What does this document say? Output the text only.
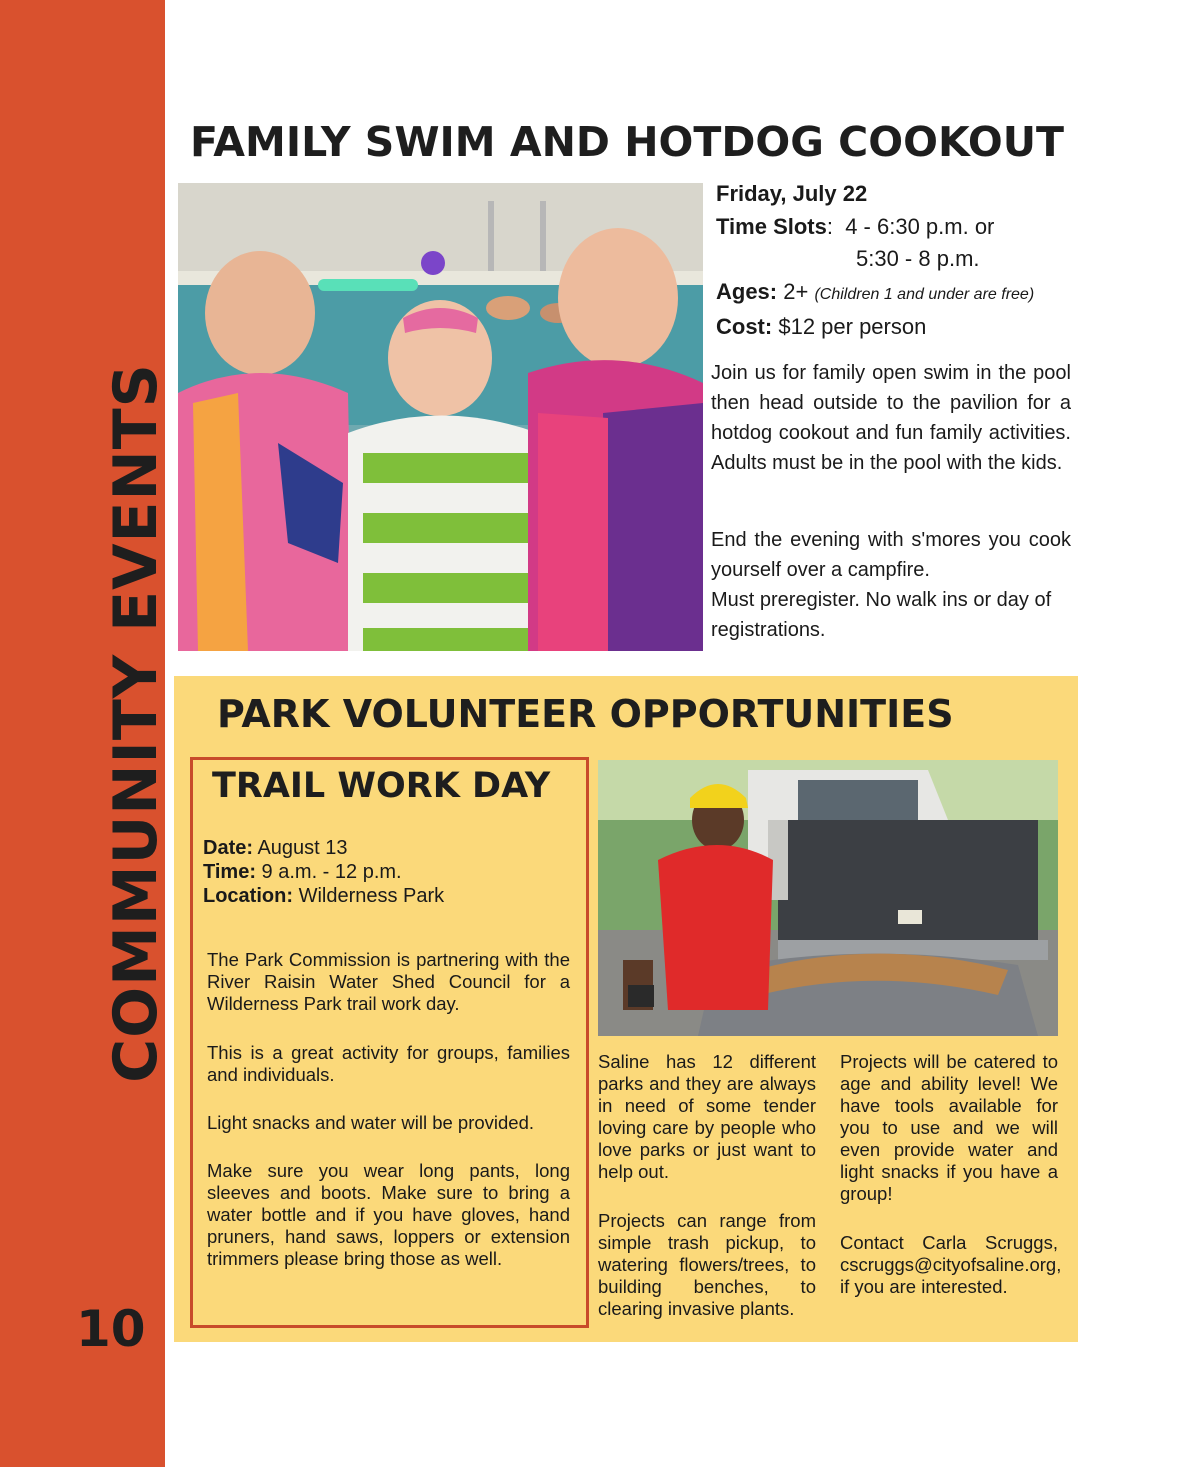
COMMUNITY EVENTS
10
FAMILY SWIM AND HOTDOG COOKOUT
Friday, July 22
Time Slots:  4 - 6:30 p.m. or
5:30 - 8 p.m.
Ages: 2+ (Children 1 and under are free)
Cost: $12 per person

Join us for family open swim in the pool then head outside to the pavilion for a hotdog cookout and fun family activities. Adults must be in the pool with the kids.

End the evening with s'mores you cook yourself over a campfire.

Must preregister. No walk ins or day of registrations.

PARK VOLUNTEER OPPORTUNITIES
TRAIL WORK DAY
Date: August 13
Time: 9 a.m. - 12 p.m.
Location: Wilderness Park

The Park Commission is partnering with the River Raisin Water Shed Council for a Wilderness Park trail work day.

This is a great activity for groups, families and individuals.

Light snacks and water will be provided.

Make sure you wear long pants, long sleeves and boots. Make sure to bring a water bottle and if you have gloves, hand pruners, hand saws, loppers or extension trimmers please bring those as well.

Saline has 12 different parks and they are always in need of some tender loving care by people who love parks or just want to help out.

Projects can range from simple trash pickup, to watering flowers/trees, to building benches, to clearing invasive plants.

Projects will be catered to age and ability level! We have tools available for you to use and we will even provide water and light snacks if you have a group!

Contact Carla Scruggs, cscruggs@cityofsaline.org, if you are interested.
